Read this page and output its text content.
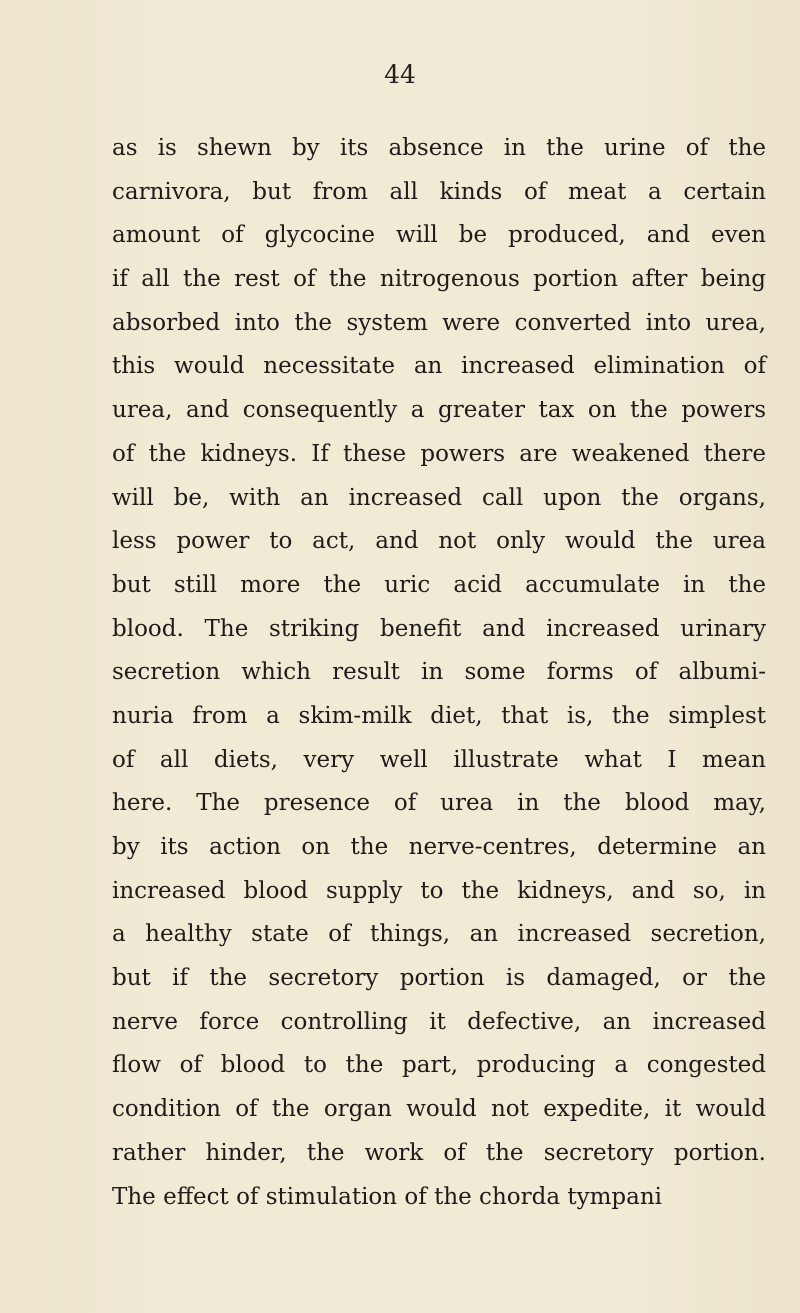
44
as is shewn by its absence in the urine of the
carnivora, but from all kinds of meat a certain
amount of glycocine will be produced, and even
if all the rest of the nitrogenous portion after being
absorbed into the system were converted into urea,
this would necessitate an increased elimination of
urea, and consequently a greater tax on the powers
of the kidneys. If these powers are weakened there
will be, with an increased call upon the organs,
less power to act, and not only would the urea
but still more the uric acid accumulate in the
blood. The striking benefit and increased urinary
secretion which result in some forms of albumi-
nuria from a skim-milk diet, that is, the simplest
of all diets, very well illustrate what I mean
here. The presence of urea in the blood may,
by its action on the nerve-centres, determine an
increased blood supply to the kidneys, and so, in
a healthy state of things, an increased secretion,
but if the secretory portion is damaged, or the
nerve force controlling it defective, an increased
flow of blood to the part, producing a congested
condition of the organ would not expedite, it would
rather hinder, the work of the secretory portion.
The effect of stimulation of the chorda tympani
